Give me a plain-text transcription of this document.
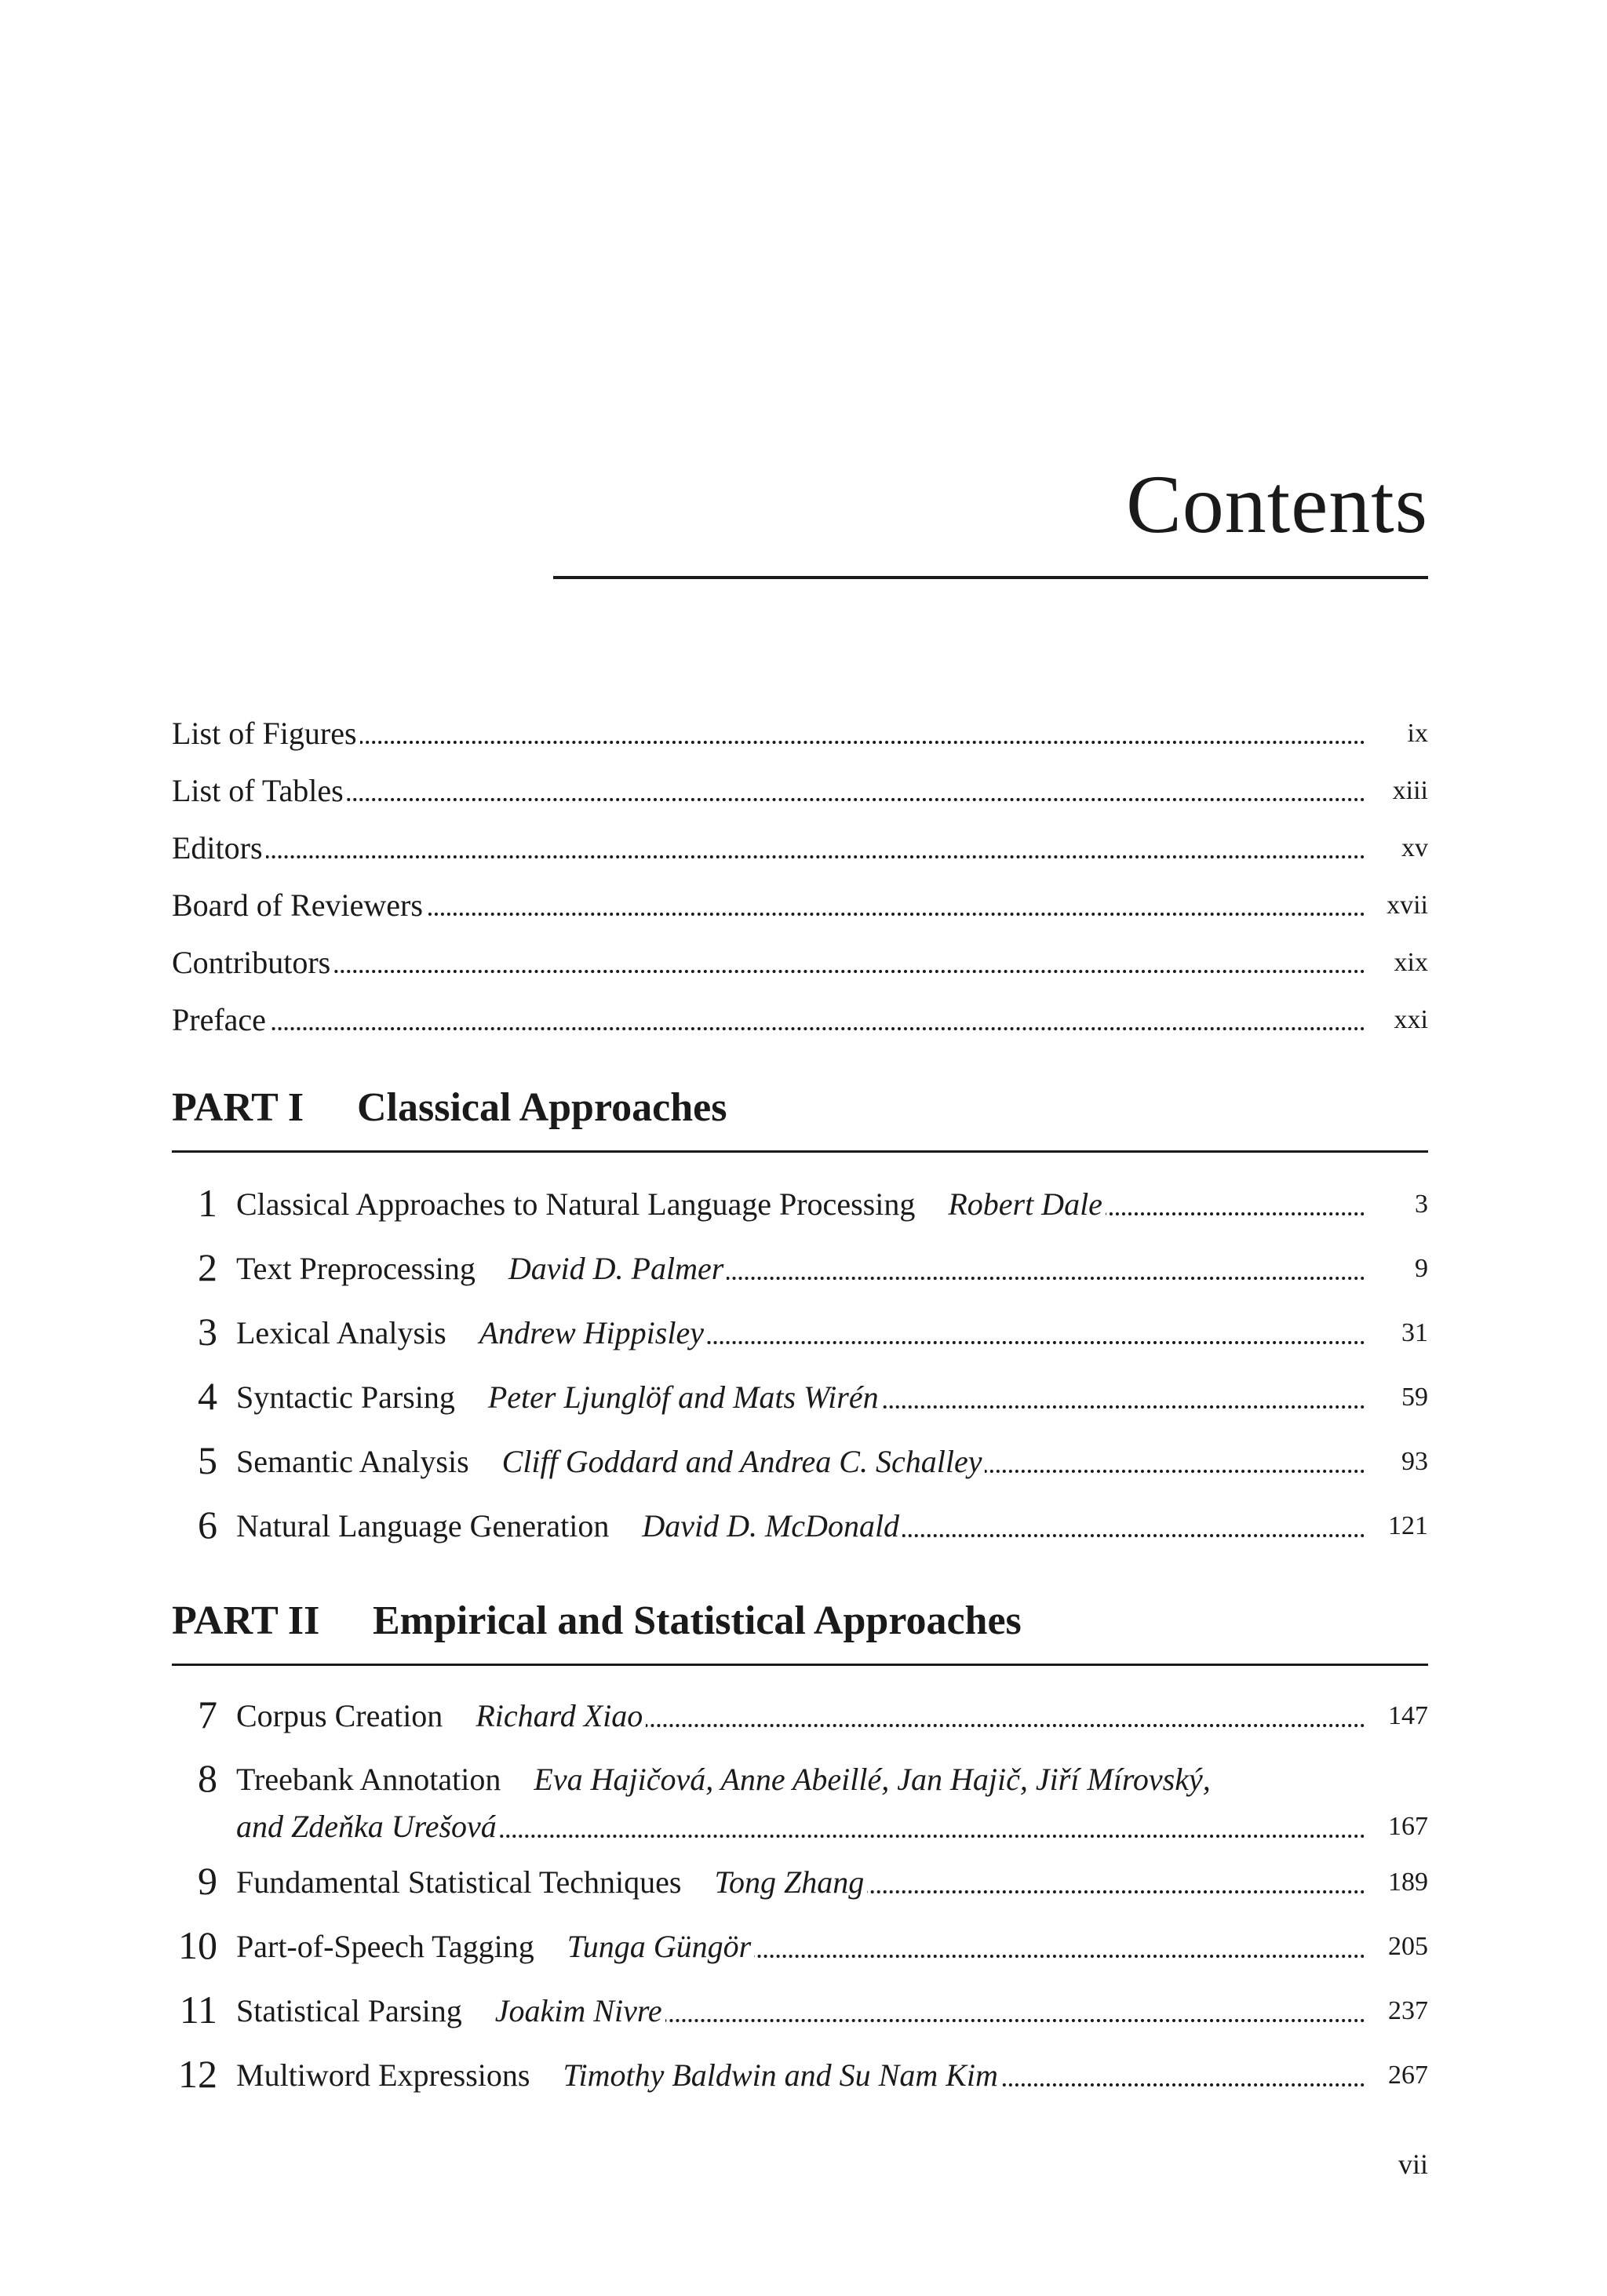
Contents
List of Figures	ix
List of Tables	xiii
Editors	xv
Board of Reviewers	xvii
Contributors	xix
Preface	xxi
PART I Classical Approaches
1 Classical Approaches to Natural Language Processing Robert Dale	3
2 Text Preprocessing David D. Palmer	9
3 Lexical Analysis Andrew Hippisley	31
4 Syntactic Parsing Peter Ljunglöf and Mats Wirén	59
5 Semantic Analysis Cliff Goddard and Andrea C. Schalley	93
6 Natural Language Generation David D. McDonald	121
PART II Empirical and Statistical Approaches
7 Corpus Creation Richard Xiao	147
8 Treebank Annotation Eva Hajičová, Anne Abeillé, Jan Hajič, Jiří Mírovský,
and Zdeňka Urešová	167
9 Fundamental Statistical Techniques Tong Zhang	189
10 Part-of-Speech Tagging Tunga Güngör	205
11 Statistical Parsing Joakim Nivre	237
12 Multiword Expressions Timothy Baldwin and Su Nam Kim	267
vii
